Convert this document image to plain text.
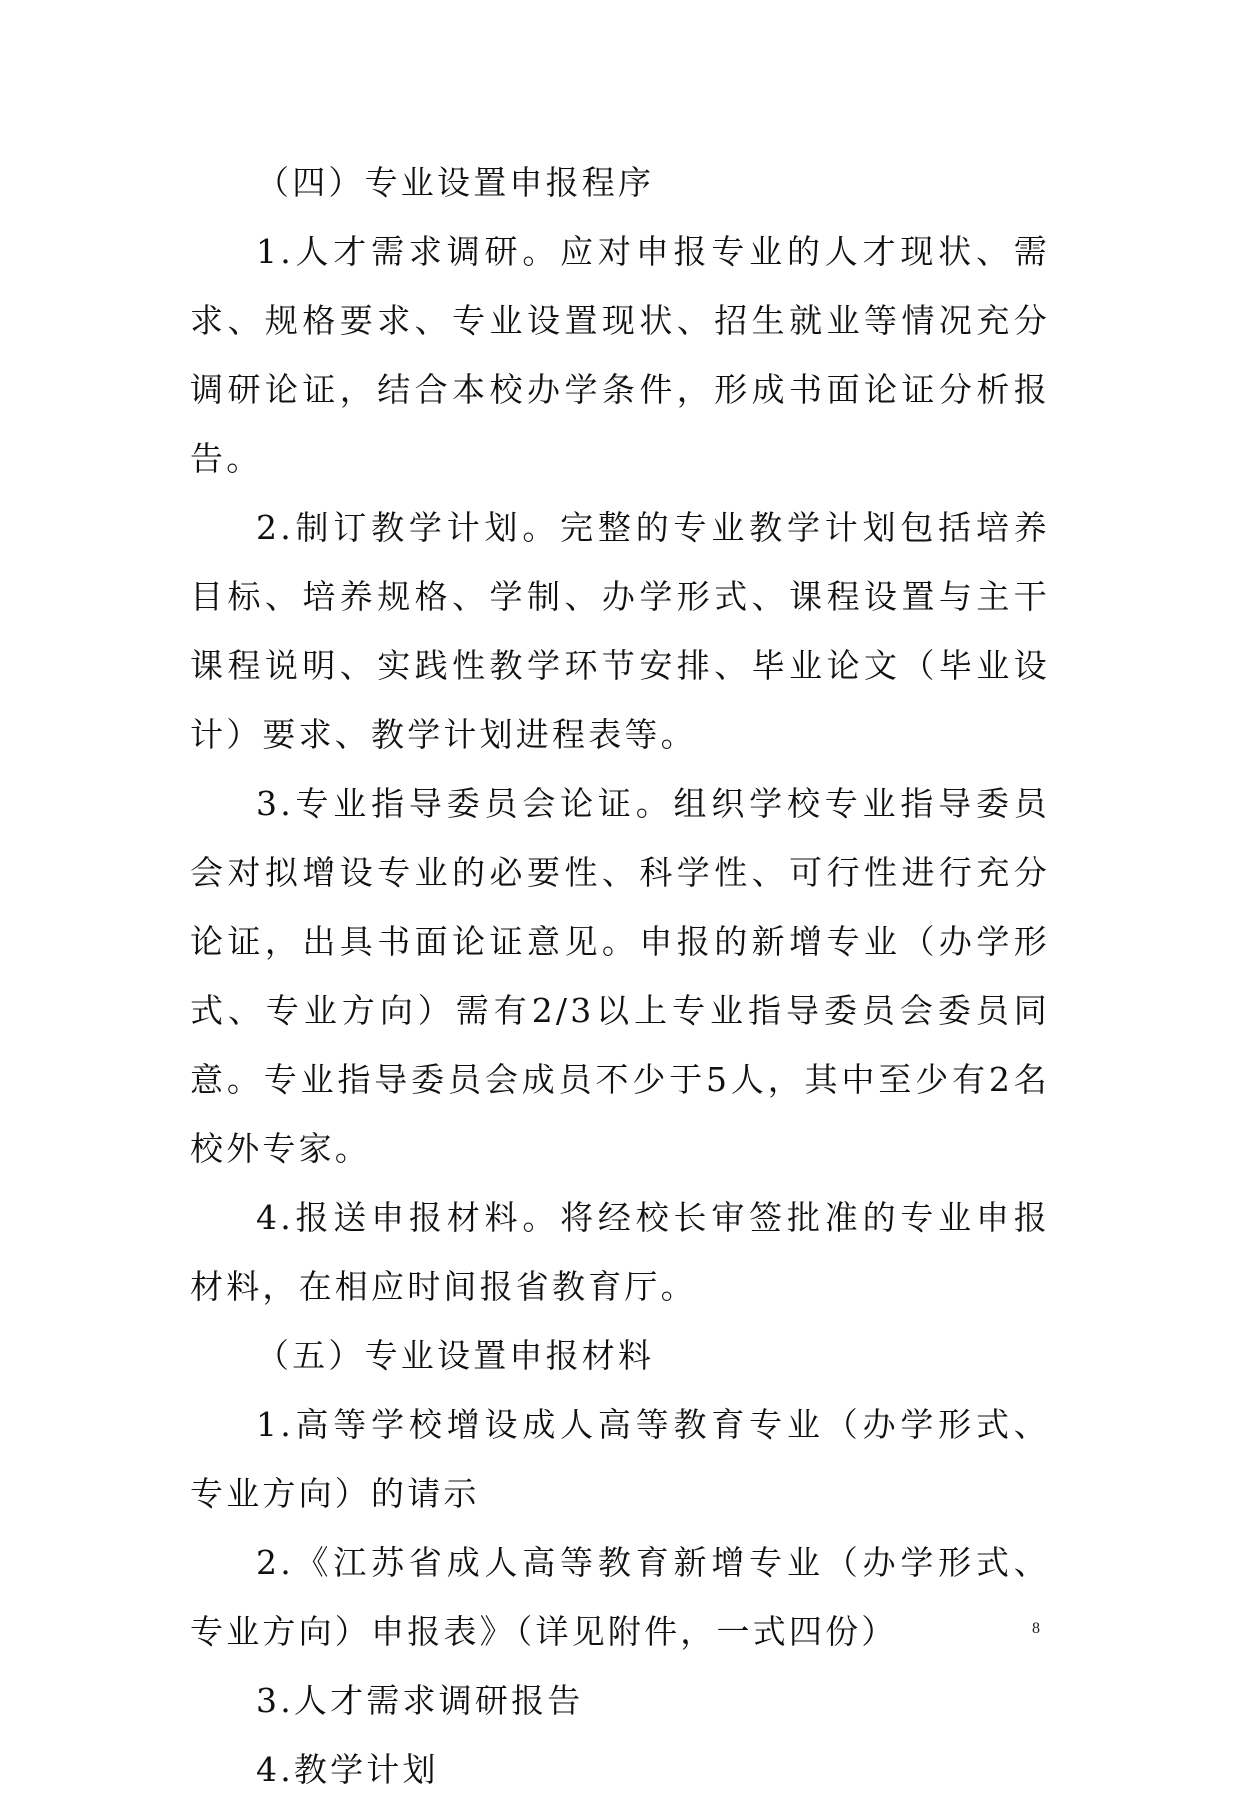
（四）专业设置申报程序

1.人才需求调研。应对申报专业的人才现状、需求、规格要求、专业设置现状、招生就业等情况充分调研论证，结合本校办学条件，形成书面论证分析报告。

2.制订教学计划。完整的专业教学计划包括培养目标、培养规格、学制、办学形式、课程设置与主干课程说明、实践性教学环节安排、毕业论文（毕业设计）要求、教学计划进程表等。

3.专业指导委员会论证。组织学校专业指导委员会对拟增设专业的必要性、科学性、可行性进行充分论证，出具书面论证意见。申报的新增专业（办学形式、专业方向）需有2/3以上专业指导委员会委员同意。专业指导委员会成员不少于5人，其中至少有2名校外专家。

4.报送申报材料。将经校长审签批准的专业申报材料，在相应时间报省教育厅。

（五）专业设置申报材料

1.高等学校增设成人高等教育专业（办学形式、专业方向）的请示

2.《江苏省成人高等教育新增专业（办学形式、专业方向）申报表》（详见附件，一式四份）

3.人才需求调研报告

4.教学计划

8
